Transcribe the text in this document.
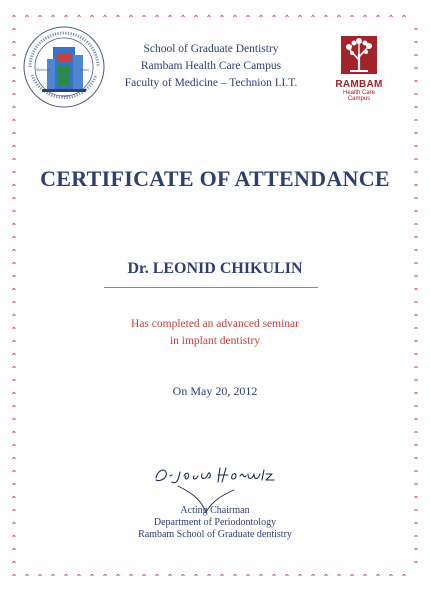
Technion	Israel
1925
School of Graduate Dentistry
Rambam Health Care Campus
Faculty of Medicine – Technion I.I.T.	RAMBAM
Health Care
Campus
CERTIFICATE OF ATTENDANCE
Dr. LEONID CHIKULIN
Has completed an advanced seminar
in implant dentistry
On May 20, 2012
Acting Chairman
Department of Periodontology
Rambam School of Graduate dentistry
